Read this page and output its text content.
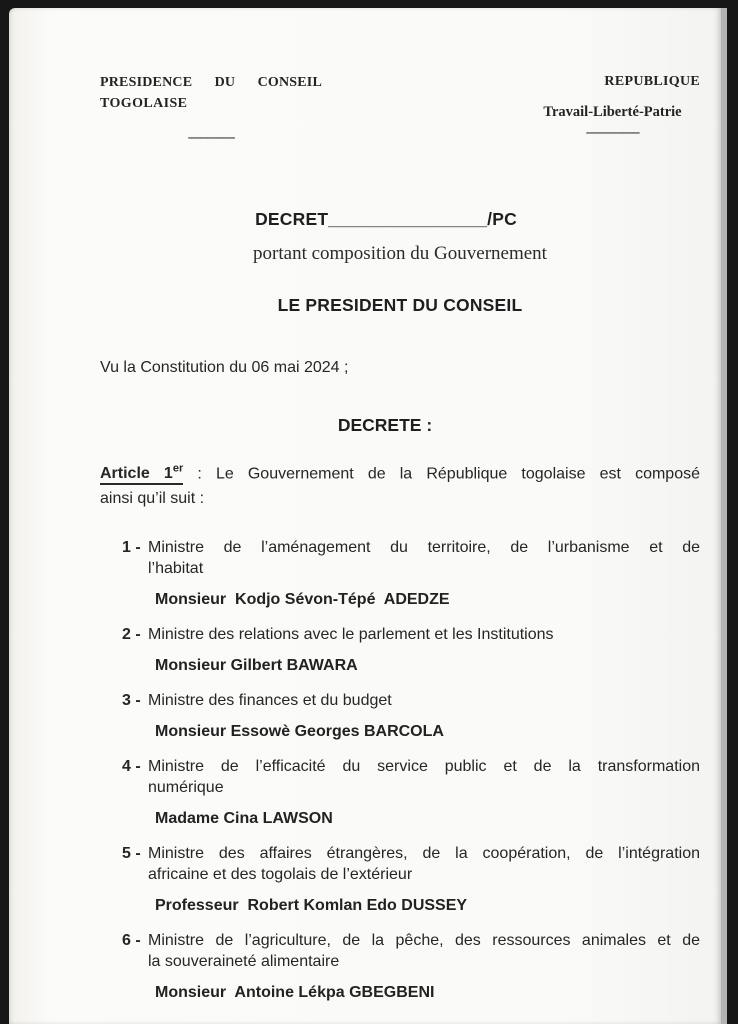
PRESIDENCE DU CONSEIL
TOGOLAISE
--------------
REPUBLIQUE
Travail-Liberté-Patrie
----------------
DECRET________________/PC
portant composition du Gouvernement
LE PRESIDENT DU CONSEIL
Vu la Constitution du 06 mai 2024 ;
DECRETE :
Article 1er : Le Gouvernement de la République togolaise est composé
ainsi qu’il suit :
1 - Ministre de l’aménagement du territoire, de l’urbanisme et de
l’habitat
Monsieur  Kodjo Sévon-Tépé  ADEDZE
2 - Ministre des relations avec le parlement et les Institutions
Monsieur Gilbert BAWARA
3 - Ministre des finances et du budget
Monsieur Essowè Georges BARCOLA
4 - Ministre de l’efficacité du service public et de la transformation
numérique
Madame Cina LAWSON
5 - Ministre des affaires étrangères, de la coopération, de l’intégration
africaine et des togolais de l’extérieur
Professeur  Robert Komlan Edo DUSSEY
6 - Ministre de l’agriculture, de la pêche, des ressources animales et de
la souveraineté alimentaire
Monsieur  Antoine Lékpa GBEGBENI
